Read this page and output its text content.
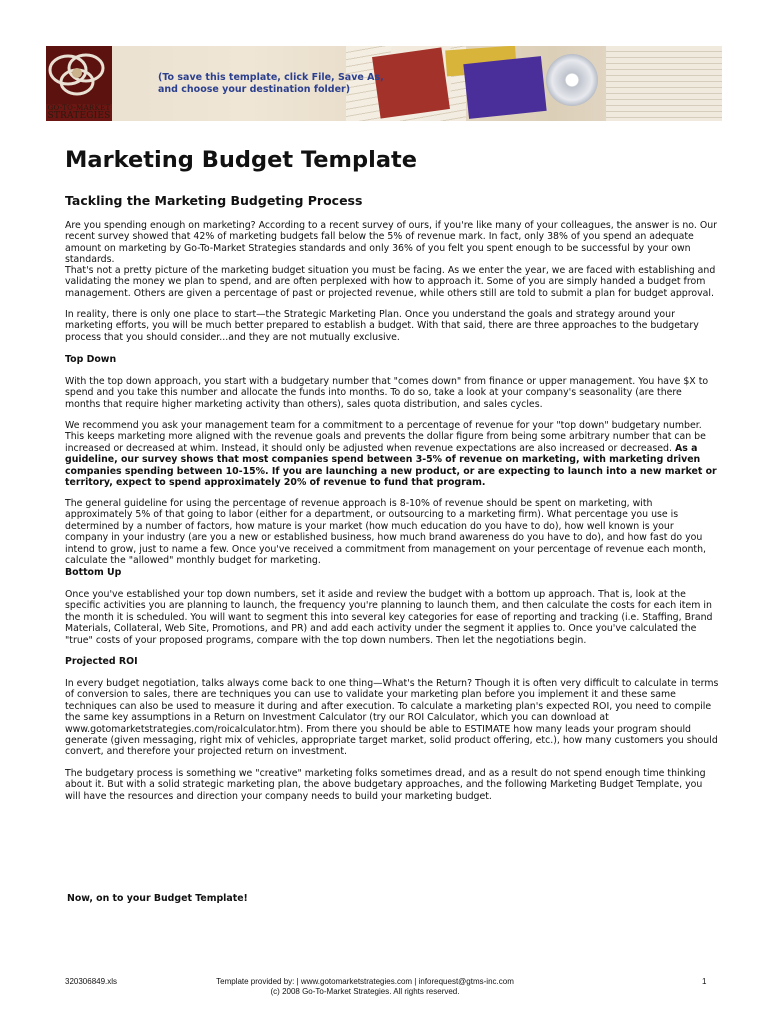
GO-TO-MARKET
STRATEGIES
(To save this template, click File, Save As, and choose your destination folder)
Marketing Budget Template
Tackling the Marketing Budgeting Process

Are you spending enough on marketing? According to a recent survey of ours, if you're like many of your colleagues, the answer is no. Our recent survey showed that 42% of marketing budgets fall below the 5% of revenue mark. In fact, only 38% of you spend an adequate amount on marketing by Go-To-Market Strategies standards and only 36% of you felt you spent enough to be successful by your own standards.

That's not a pretty picture of the marketing budget situation you must be facing. As we enter the year, we are faced with establishing and validating the money we plan to spend, and are often perplexed with how to approach it. Some of you are simply handed a budget from management. Others are given a percentage of past or projected revenue, while others still are told to submit a plan for budget approval.

In reality, there is only one place to start—the Strategic Marketing Plan. Once you understand the goals and strategy around your marketing efforts, you will be much better prepared to establish a budget. With that said, there are three approaches to the budgetary process that you should consider...and they are not mutually exclusive.

Top Down

With the top down approach, you start with a budgetary number that "comes down" from finance or upper management. You have $X to spend and you take this number and allocate the funds into months. To do so, take a look at your company's seasonality (are there months that require higher marketing activity than others), sales quota distribution, and sales cycles.

We recommend you ask your management team for a commitment to a percentage of revenue for your "top down" budgetary number. This keeps marketing more aligned with the revenue goals and prevents the dollar figure from being some arbitrary number that can be increased or decreased at whim. Instead, it should only be adjusted when revenue expectations are also increased or decreased. As a guideline, our survey shows that most companies spend between 3-5% of revenue on marketing, with marketing driven companies spending between 10-15%. If you are launching a new product, or are expecting to launch into a new market or territory, expect to spend approximately 20% of revenue to fund that program.

The general guideline for using the percentage of revenue approach is 8-10% of revenue should be spent on marketing, with approximately 5% of that going to labor (either for a department, or outsourcing to a marketing firm). What percentage you use is determined by a number of factors, how mature is your market (how much education do you have to do), how well known is your company in your industry (are you a new or established business, how much brand awareness do you have to do), and how fast do you intend to grow, just to name a few. Once you've received a commitment from management on your percentage of revenue each month, calculate the "allowed" monthly budget for marketing.

Bottom Up

Once you've established your top down numbers, set it aside and review the budget with a bottom up approach. That is, look at the specific activities you are planning to launch, the frequency you're planning to launch them, and then calculate the costs for each item in the month it is scheduled. You will want to segment this into several key categories for ease of reporting and tracking (i.e. Staffing, Brand Materials, Collateral, Web Site, Promotions, and PR) and add each activity under the segment it applies to. Once you've calculated the "true" costs of your proposed programs, compare with the top down numbers. Then let the negotiations begin.

Projected ROI

In every budget negotiation, talks always come back to one thing—What's the Return? Though it is often very difficult to calculate in terms of conversion to sales, there are techniques you can use to validate your marketing plan before you implement it and these same techniques can also be used to measure it during and after execution. To calculate a marketing plan's expected ROI, you need to compile the same key assumptions in a Return on Investment Calculator (try our ROI Calculator, which you can download at www.gotomarketstrategies.com/roicalculator.htm). From there you should be able to ESTIMATE how many leads your program should generate (given messaging, right mix of vehicles, appropriate target market, solid product offering, etc.), how many customers you should convert, and therefore your projected return on investment.

The budgetary process is something we "creative" marketing folks sometimes dread, and as a result do not spend enough time thinking about it. But with a solid strategic marketing plan, the above budgetary approaches, and the following Marketing Budget Template, you will have the resources and direction your company needs to build your marketing budget.

Now, on to your Budget Template!

320306849.xls	Template provided by: | www.gotomarketstrategies.com | inforequest@gtms-inc.com
(c) 2008 Go-To-Market Strategies. All rights reserved.
1
